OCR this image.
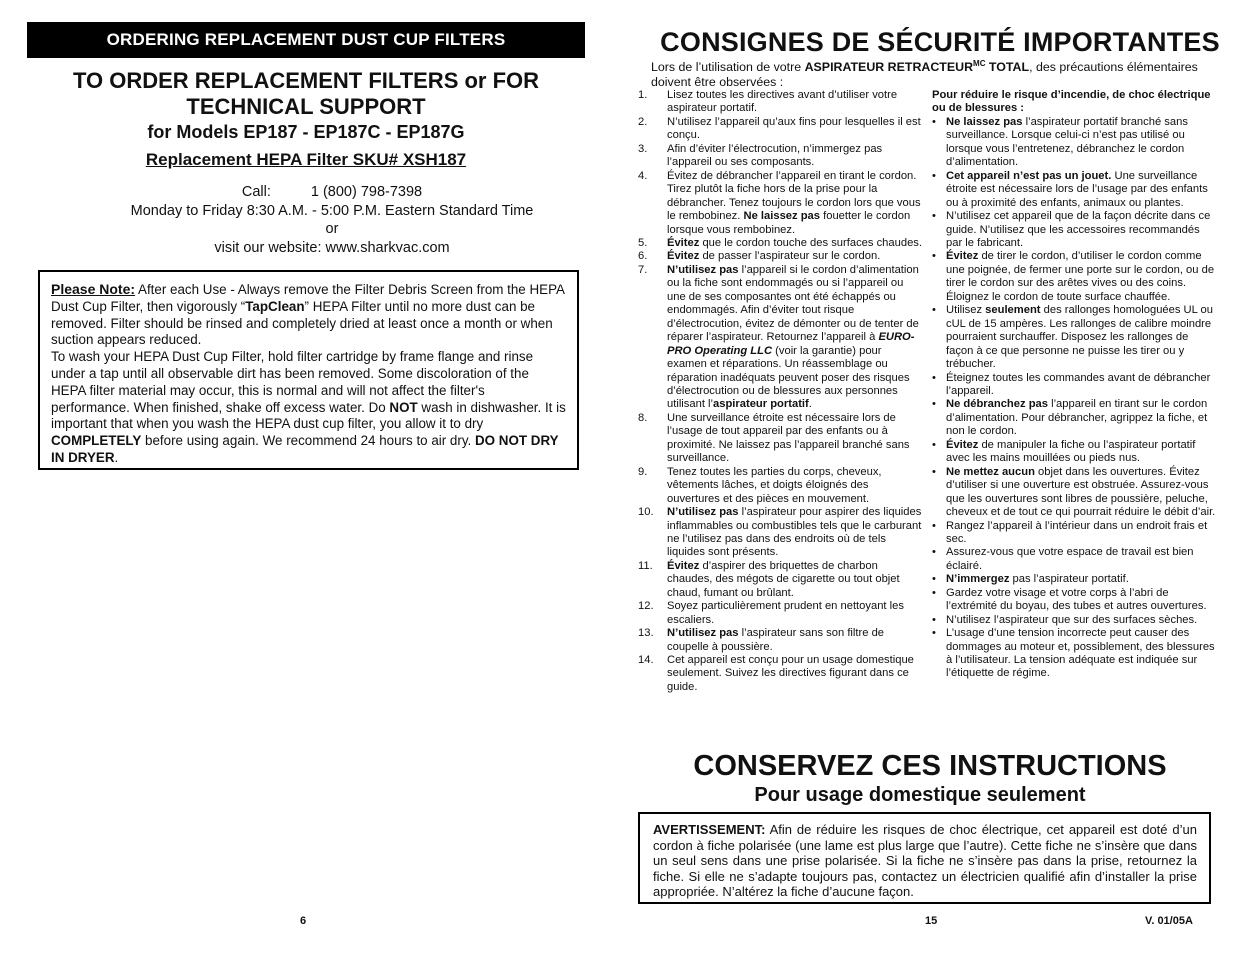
ORDERING REPLACEMENT DUST CUP FILTERS
TO ORDER REPLACEMENT FILTERS or FOR
TECHNICAL SUPPORT
for Models EP187 - EP187C - EP187G
Replacement HEPA Filter SKU# XSH187
Call:	1 (800) 798-7398
Monday to Friday 8:30 A.M. - 5:00 P.M. Eastern Standard Time
or
visit our website: www.sharkvac.com

Please Note: After each Use - Always remove the Filter Debris Screen from the HEPA Dust Cup Filter, then vigorously “TapClean” HEPA Filter until no more dust can be removed. Filter should be rinsed and completely dried at least once a month or when suction appears reduced.

To wash your HEPA Dust Cup Filter, hold filter cartridge by frame flange and rinse under a tap until all observable dirt has been removed. Some discoloration of the HEPA filter material may occur, this is normal and will not affect the filter's performance. When finished, shake off excess water. Do NOT wash in dishwasher. It is important that when you wash the HEPA dust cup filter, you allow it to dry COMPLETELY before using again. We recommend 24 hours to air dry. DO NOT DRY IN DRYER.

6
CONSIGNES DE SÉCURITÉ IMPORTANTES
Lors de l’utilisation de votre ASPIRATEUR $RETRACTEUR^{MC}$ TOTAL, des précautions élémentaires doivent être observées :
1.	Lisez toutes les directives avant d’utiliser votre aspirateur portatif.
2.	N’utilisez l’appareil qu’aux fins pour lesquelles il est conçu.
3.	Afin d’éviter l’électrocution, n’immergez pas l’appareil ou ses composants.
4.	Évitez de débrancher l’appareil en tirant le cordon. Tirez plutôt la fiche hors de la prise pour la débrancher. Tenez toujours le cordon lors que vous le rembobinez. Ne laissez pas fouetter le cordon lorsque vous rembobinez.
5.	Évitez que le cordon touche des surfaces chaudes.
6.	Évitez de passer l’aspirateur sur le cordon.
7.	N’utilisez pas l’appareil si le cordon d’alimentation ou la fiche sont endommagés ou si l’appareil ou une de ses composantes ont été échappés ou endommagés. Afin d’éviter tout risque d’électrocution, évitez de démonter ou de tenter de réparer l’aspirateur. Retournez l’appareil à EURO-PRO Operating LLC (voir la garantie) pour examen et réparations. Un réassemblage ou réparation inadéquats peuvent poser des risques d’électrocution ou de blessures aux personnes utilisant l’aspirateur portatif.
8.	Une surveillance étroite est nécessaire lors de l’usage de tout appareil par des enfants ou à proximité. Ne laissez pas l’appareil branché sans surveillance.
9.	Tenez toutes les parties du corps, cheveux, vêtements lâches, et doigts éloignés des ouvertures et des pièces en mouvement.
10.	N’utilisez pas l’aspirateur pour aspirer des liquides inflammables ou combustibles tels que le carburant ne l’utilisez pas dans des endroits où de tels liquides sont présents.
11.	Évitez d’aspirer des briquettes de charbon chaudes, des mégots de cigarette ou tout objet chaud, fumant ou brûlant.
12.	Soyez particulièrement prudent en nettoyant les escaliers.
13.	N’utilisez pas l’aspirateur sans son filtre de coupelle à poussière.
14.	Cet appareil est conçu pour un usage domestique seulement. Suivez les directives figurant dans ce guide.
Pour réduire le risque d’incendie, de choc électrique ou de blessures :
• Ne laissez pas l’aspirateur portatif branché sans surveillance. Lorsque celui-ci n’est pas utilisé ou lorsque vous l’entretenez, débranchez le cordon d’alimentation.
• Cet appareil n’est pas un jouet. Une surveillance étroite est nécessaire lors de l’usage par des enfants ou à proximité des enfants, animaux ou plantes.
• N’utilisez cet appareil que de la façon décrite dans ce guide. N’utilisez que les accessoires recommandés par le fabricant.
• Évitez de tirer le cordon, d’utiliser le cordon comme une poignée, de fermer une porte sur le cordon, ou de tirer le cordon sur des arêtes vives ou des coins. Éloignez le cordon de toute surface chauffée.
• Utilisez seulement des rallonges homologuées UL ou cUL de 15 ampères. Les rallonges de calibre moindre pourraient surchauffer. Disposez les rallonges de façon à ce que personne ne puisse les tirer ou y trébucher.
• Éteignez toutes les commandes avant de débrancher l’appareil.
• Ne débranchez pas l’appareil en tirant sur le cordon d’alimentation. Pour débrancher, agrippez la fiche, et non le cordon.
• Évitez de manipuler la fiche ou l’aspirateur portatif avec les mains mouillées ou pieds nus.
• Ne mettez aucun objet dans les ouvertures. Évitez d’utiliser si une ouverture est obstruée. Assurez-vous que les ouvertures sont libres de poussière, peluche, cheveux et de tout ce qui pourrait réduire le débit d’air.
• Rangez l’appareil à l’intérieur dans un endroit frais et sec.
• Assurez-vous que votre espace de travail est bien éclairé.
• N’immergez pas l’aspirateur portatif.
• Gardez votre visage et votre corps à l’abri de l’extrémité du boyau, des tubes et autres ouvertures.
• N’utilisez l’aspirateur que sur des surfaces sèches.
• L’usage d’une tension incorrecte peut causer des dommages au moteur et, possiblement, des blessures à l’utilisateur. La tension adéquate est indiquée sur l’étiquette de régime.
CONSERVEZ CES INSTRUCTIONS
Pour usage domestique seulement
AVERTISSEMENT: Afin de réduire les risques de choc électrique, cet appareil est doté d’un cordon à fiche polarisée (une lame est plus large que l’autre). Cette fiche ne s’insère que dans un seul sens dans une prise polarisée. Si la fiche ne s’insère pas dans la prise, retournez la fiche. Si elle ne s’adapte toujours pas, contactez un électricien qualifié afin d’installer la prise appropriée. N’altérez la fiche d’aucune façon.
15	V. 01/05A
